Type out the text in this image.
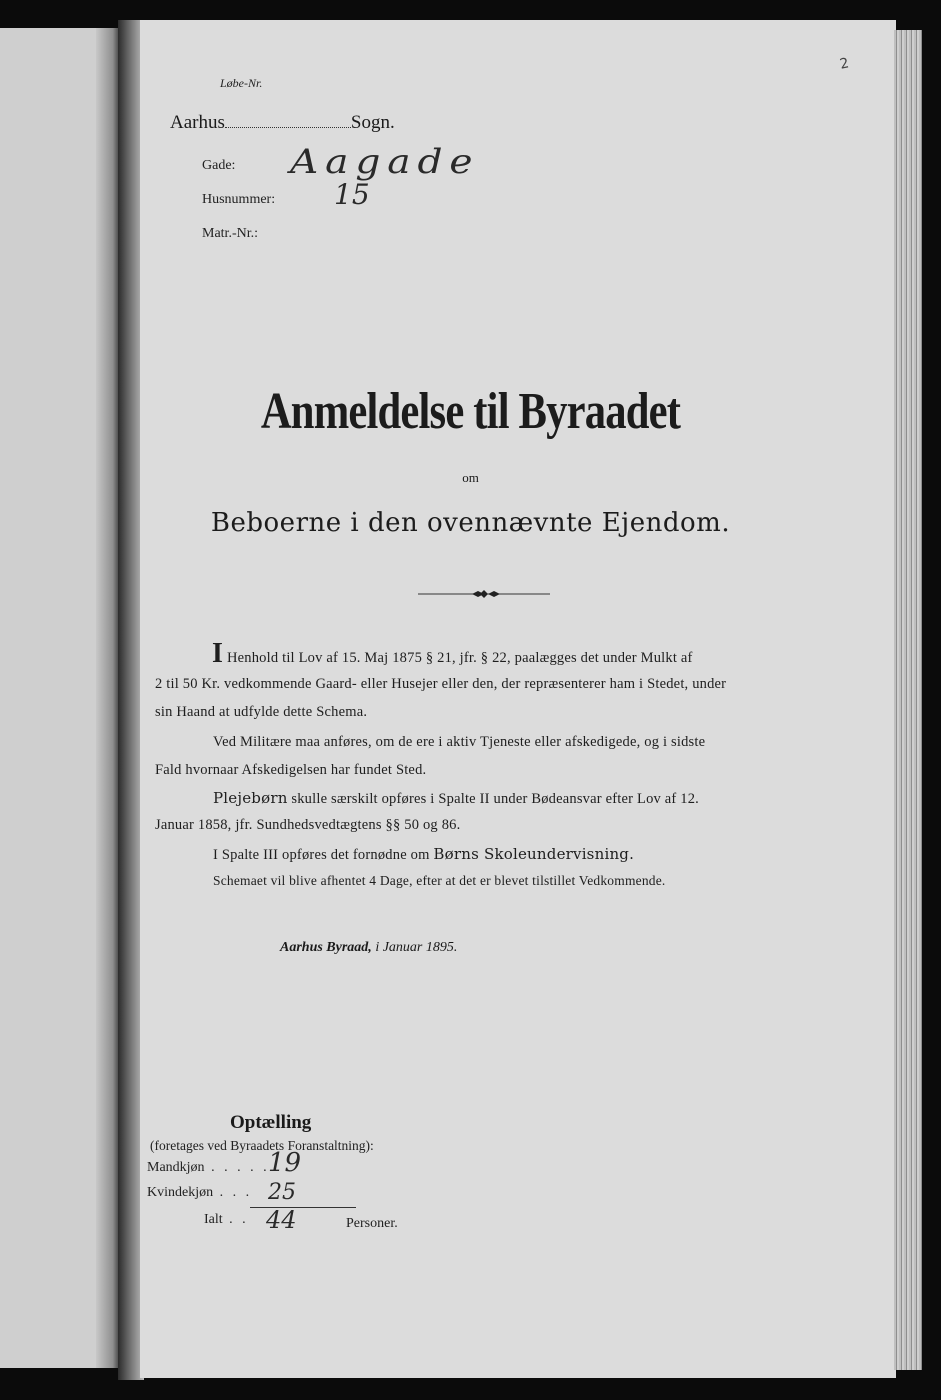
2
Løbe-Nr.
Aarhus	Sogn.
Gade: Aagade
Husnummer: 15
Matr.-Nr.:
Anmeldelse til Byraadet
om
Beboerne i den ovennævnte Ejendom.
I Henhold til Lov af 15. Maj 1875 § 21, jfr. § 22, paalægges det under Mulkt af
2 til 50 Kr. vedkommende Gaard- eller Husejer eller den, der repræsenterer ham i Stedet, under
sin Haand at udfylde dette Schema.
Ved Militære maa anføres, om de ere i aktiv Tjeneste eller afskedigede, og i sidste
Fald hvornaar Afskedigelsen har fundet Sted.
Plejebørn skulle særskilt opføres i Spalte II under Bødeansvar efter Lov af 12.
Januar 1858, jfr. Sundhedsvedtægtens §§ 50 og 86.
I Spalte III opføres det fornødne om Børns Skoleundervisning.
Schemaet vil blive afhentet 4 Dage, efter at det er blevet tilstillet Vedkommende.
Aarhus Byraad, i Januar 1895.
Optælling
(foretages ved Byraadets Foranstaltning):
Mandkjøn . . . . .
19
Kvindekjøn . . . 25
Ialt . . 44	Personer.
